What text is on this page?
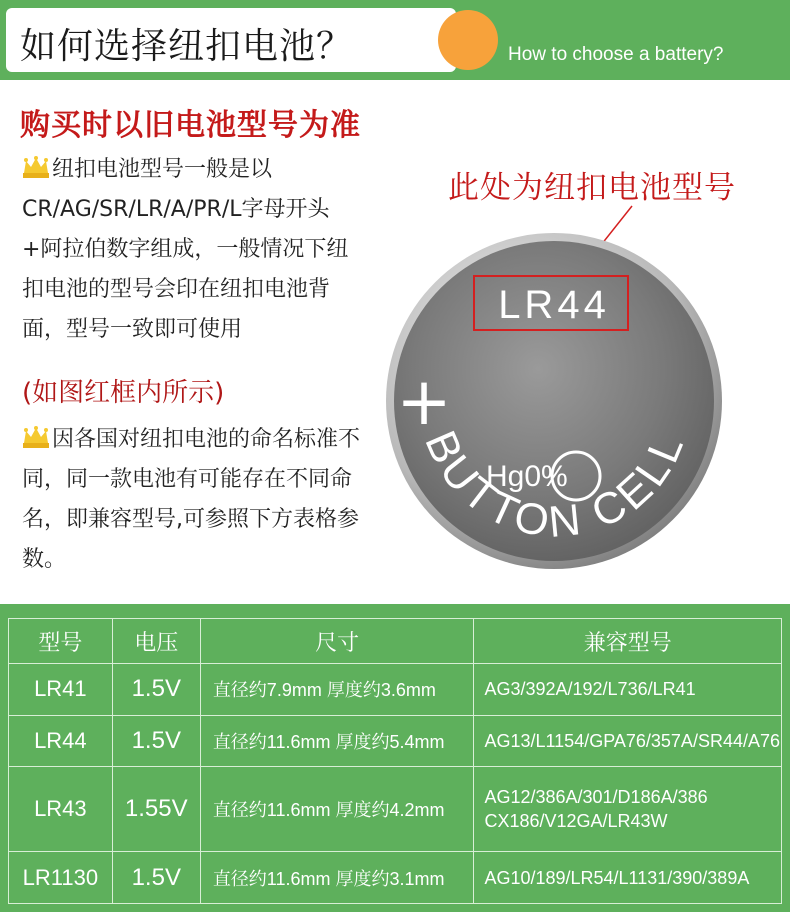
如何选择纽扣电池？	How to choose a battery?
购买时以旧电池型号为准
纽扣电池型号一般是以CR/AG/SR/LR/A/PR/L字母开头+阿拉伯数字组成，一般情况下纽扣电池的型号会印在纽扣电池背面，型号一致即可使用
(如图红框内所示)
因各国对纽扣电池的命名标准不同，同一款电池有可能存在不同命名，即兼容型号,可参照下方表格参数。
此处为纽扣电池型号
LR44
+
Hg0%
BUTTON CELL
型号	电压	尺寸	兼容型号
LR41	1.5V	直径约7.9mm 厚度约3.6mm	AG3/392A/192/L736/LR41
LR44	1.5V	直径约11.6mm 厚度约5.4mm	AG13/L1154/GPA76/357A/SR44/A76
LR43	1.55V	直径约11.6mm 厚度约4.2mm	AG12/386A/301/D186A/386 CX186/V12GA/LR43W
LR1130	1.5V	直径约11.6mm 厚度约3.1mm	AG10/189/LR54/L1131/390/389A
